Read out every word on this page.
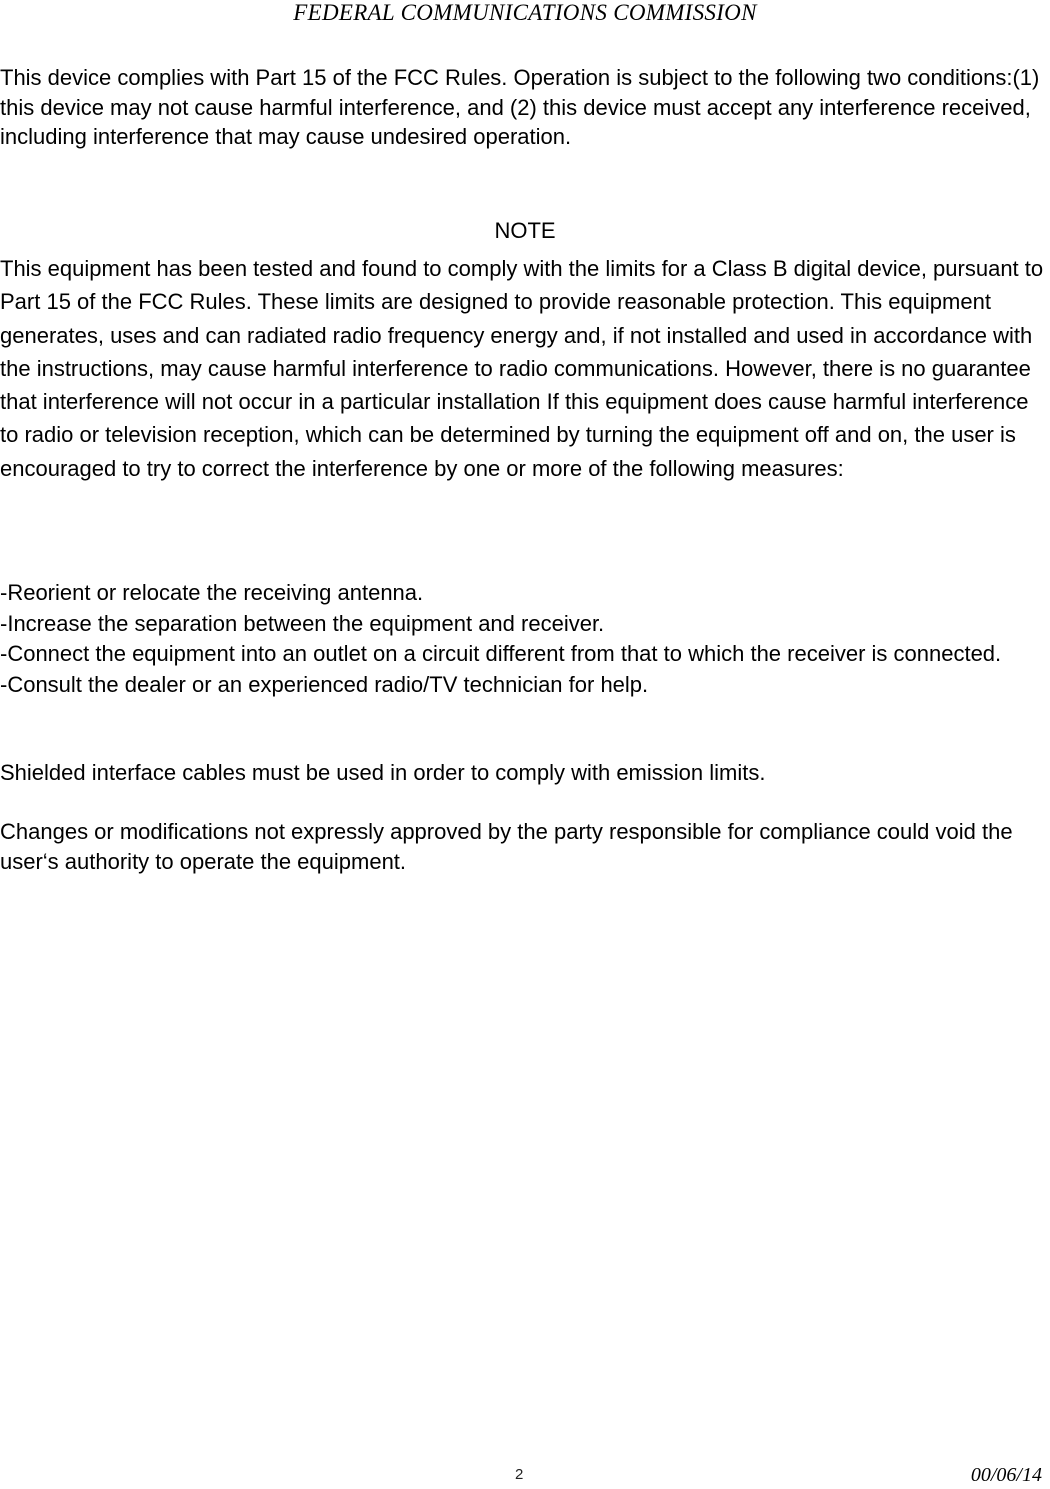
FEDERAL COMMUNICATIONS COMMISSION

This device complies with Part 15 of the FCC Rules. Operation is subject to the following two conditions:(1) this device may not cause harmful interference, and (2) this device must accept any interference received, including interference that may cause undesired operation.

NOTE

This equipment has been tested and found to comply with the limits for a Class B digital device, pursuant to Part 15 of the FCC Rules. These limits are designed to provide reasonable protection. This equipment generates, uses and can radiated radio frequency energy and, if not installed and used in accordance with the instructions, may cause harmful interference to radio communications. However, there is no guarantee that interference will not occur in a particular installation If this equipment does cause harmful interference to radio or television reception, which can be determined by turning the equipment off and on, the user is encouraged to try to correct the interference by one or more of the following measures:

-Reorient or relocate the receiving antenna.

-Increase the separation between the equipment and receiver.

-Connect the equipment into an outlet on a circuit different from that to which the receiver is connected.

-Consult the dealer or an experienced radio/TV technician for help.

Shielded interface cables must be used in order to comply with emission limits.

Changes or modifications not expressly approved by the party responsible for compliance could void the user‘s authority to operate the equipment.

2	00/06/14
